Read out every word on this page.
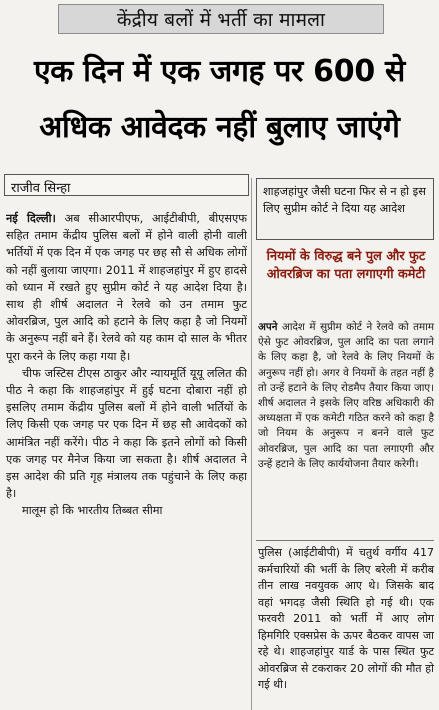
केंद्रीय बलों में भर्ती का मामला
एक दिन में एक जगह पर 600 से
अधिक आवेदक नहीं बुलाए जाएंगे
राजीव सिन्हा

नई दिल्ली। अब सीआरपीएफ, आईटीबीपी, बीएसएफ सहित तमाम केंद्रीय पुलिस बलों में होने वाली होनी वाली भर्तियों में एक दिन में एक जगह पर छह सौ से अधिक लोगों को नहीं बुलाया जाएगा। 2011 में शाहजहांपुर में हुए हादसे को ध्यान में रखते हुए सुप्रीम कोर्ट ने यह आदेश दिया है। साथ ही शीर्ष अदालत ने रेलवे को उन तमाम फुट ओवरब्रिज, पुल आदि को हटाने के लिए कहा है जो नियमों के अनुरूप नहीं बने हैं। रेलवे को यह काम दो साल के भीतर पूरा करने के लिए कहा गया है।

चीफ जस्टिस टीएस ठाकुर और न्यायमूर्ति यूयू ललित की पीठ ने कहा कि शाहजहांपुर में हुई घटना दोबारा नहीं हो इसलिए तमाम केंद्रीय पुलिस बलों में होने वाली भर्तियों के लिए किसी एक जगह पर एक दिन में छह सौ आवेदकों को आमंत्रित नहीं करेंगे। पीठ ने कहा कि इतने लोगों को किसी एक जगह पर मैनेज किया जा सकता है। शीर्ष अदालत ने इस आदेश की प्रति गृह मंत्रालय तक पहुंचाने के लिए कहा है।

मालूम हो कि भारतीय तिब्बत सीमा

शाहजहांपुर जैसी घटना फिर से न हो इस लिए सुप्रीम कोर्ट ने दिया यह आदेश
नियमों के विरुद्ध बने पुल और फुट ओवरब्रिज का पता लगाएगी कमेटी
अपने आदेश में सुप्रीम कोर्ट ने रेलवे को तमाम ऐसे फुट ओवरब्रिज, पुल आदि का पता लगाने के लिए कहा है, जो रेलवे के लिए नियमों के अनुरूप नहीं हो। अगर वे नियमों के तहत नहीं है तो उन्हें हटाने के लिए रोडमैप तैयार किया जाए। शीर्ष अदालत ने इसके लिए वरिष्ठ अधिकारी की अध्यक्षता में एक कमेटी गठित करने को कहा है जो नियम के अनुरूप न बनने वाले फुट ओवरब्रिज, पुल आदि का पता लगाएगी और उन्हें हटाने के लिए कार्ययोजना तैयार करेगी।
पुलिस (आईटीबीपी) में चतुर्थ वर्गीय 417 कर्मचारियों की भर्ती के लिए बरेली में करीब तीन लाख नवयुवक आए थे। जिसके बाद वहां भगदड़ जैसी स्थिति हो गई थी। एक फरवरी 2011 को भर्ती में आए लोग हिमगिरि एक्सप्रेस के ऊपर बैठकर वापस जा रहे थे। शाहजहांपुर यार्ड के पास स्थित फुट ओवरब्रिज से टकराकर 20 लोगों की मौत हो गई थी।
